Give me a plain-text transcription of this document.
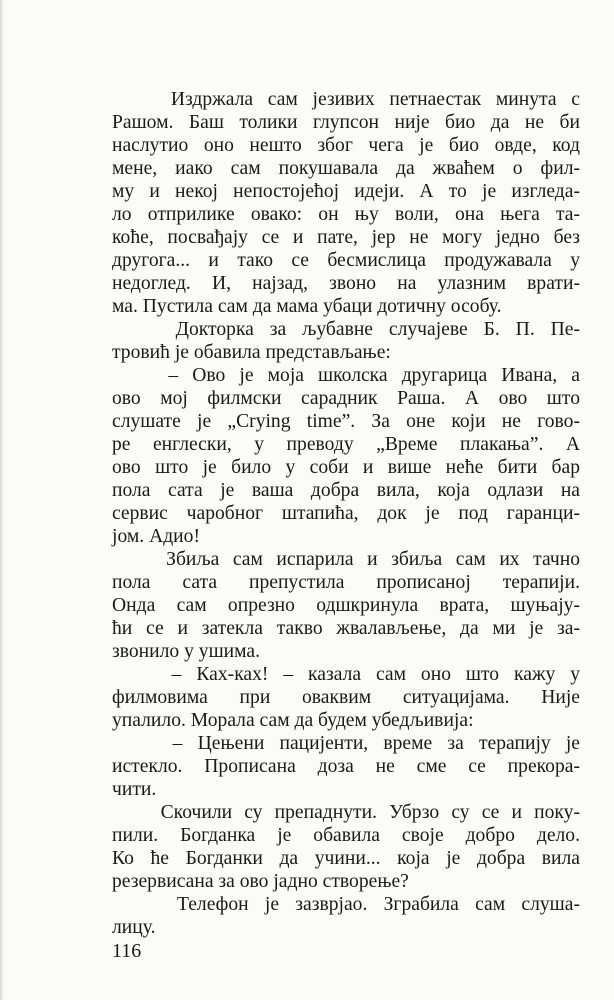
Издржала сам језивих петнаестак минута с
Рашом. Баш толики глупсон није био да не би
наслутио оно нешто због чега је био овде, код
мене, иако сам покушавала да жваћем о фил-
му и некој непостојећој идеји. А то је изгледа-
ло отприлике овако: он њу воли, она њега та-
коће, посвађају се и пате, јер не могу једно без
другога... и тако се бесмислица продужавала у
недоглед. И, најзад, звоно на улазним врати-
ма. Пустила сам да мама убаци дотичну особу.
Докторка за љубавне случајеве Б. П. Пе-
тровић је обавила представљање:
– Ово је моја школска другарица Ивана, а
ово мој филмски сарадник Раша. А ово што
слушате је „Crying time”. За оне који не гово-
ре енглески, у преводу „Време плакања”. А
ово што је било у соби и више неће бити бар
пола сата је ваша добра вила, која одлази на
сервис чаробног штапића, док је под гаранци-
јом. Адио!
Збиља сам испарила и збиља сам их тачно
пола сата препустила прописаној терапији.
Онда сам опрезно одшкринула врата, шуњају-
ћи се и затекла такво жвалављење, да ми је за-
звонило у ушима.
– Ках-ках! – казала сам оно што кажу у
филмовима при оваквим ситуацијама. Није
упалило. Морала сам да будем убедљивија:
– Цењени пацијенти, време за терапију је
истекло. Прописана доза не сме се прекора-
чити.
Скочили су препаднути. Убрзо су се и поку-
пили. Богданка је обавила своје добро дело.
Ко ће Богданки да учини... која је добра вила
резервисана за ово јадно створење?
Телефон је зазврјао. Зграбила сам слуша-
лицу.
116
